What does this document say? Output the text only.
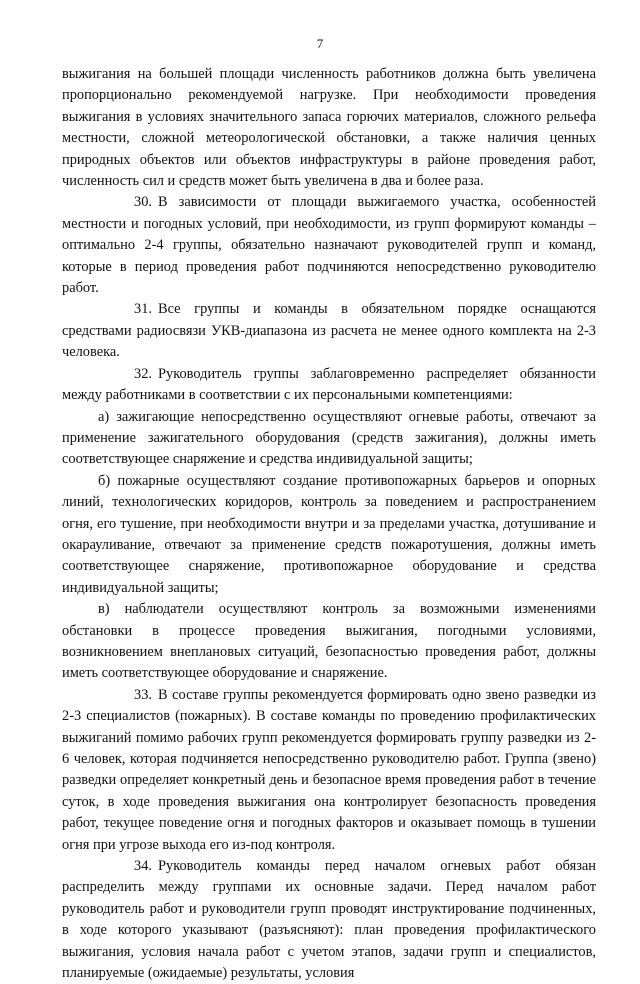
7

выжигания на большей площади численность работников должна быть увеличена пропорционально рекомендуемой нагрузке. При необходимости проведения выжигания в условиях значительного запаса горючих материалов, сложного рельефа местности, сложной метеорологической обстановки, а также наличия ценных природных объектов или объектов инфраструктуры в районе проведения работ, численность сил и средств может быть увеличена в два и более раза.

30. В зависимости от площади выжигаемого участка, особенностей местности и погодных условий, при необходимости, из групп формируют команды – оптимально 2-4 группы, обязательно назначают руководителей групп и команд, которые в период проведения работ подчиняются непосредственно руководителю работ.

31. Все группы и команды в обязательном порядке оснащаются средствами радиосвязи УКВ-диапазона из расчета не менее одного комплекта на 2-3 человека.

32. Руководитель группы заблаговременно распределяет обязанности между работниками в соответствии с их персональными компетенциями:

а) зажигающие непосредственно осуществляют огневые работы, отвечают за применение зажигательного оборудования (средств зажигания), должны иметь соответствующее снаряжение и средства индивидуальной защиты;

б) пожарные осуществляют создание противопожарных барьеров и опорных линий, технологических коридоров, контроль за поведением и распространением огня, его тушение, при необходимости внутри и за пределами участка, дотушивание и окарауливание, отвечают за применение средств пожаротушения, должны иметь соответствующее снаряжение, противопожарное оборудование и средства индивидуальной защиты;

в) наблюдатели осуществляют контроль за возможными изменениями обстановки в процессе проведения выжигания, погодными условиями, возникновением внеплановых ситуаций, безопасностью проведения работ, должны иметь соответствующее оборудование и снаряжение.

33. В составе группы рекомендуется формировать одно звено разведки из 2-3 специалистов (пожарных). В составе команды по проведению профилактических выжиганий помимо рабочих групп рекомендуется формировать группу разведки из 2-6 человек, которая подчиняется непосредственно руководителю работ. Группа (звено) разведки определяет конкретный день и безопасное время проведения работ в течение суток, в ходе проведения выжигания она контролирует безопасность проведения работ, текущее поведение огня и погодных факторов и оказывает помощь в тушении огня при угрозе выхода его из-под контроля.

34. Руководитель команды перед началом огневых работ обязан распределить между группами их основные задачи. Перед началом работ руководитель работ и руководители групп проводят инструктирование подчиненных, в ходе которого указывают (разъясняют): план проведения профилактического выжигания, условия начала работ с учетом этапов, задачи групп и специалистов, планируемые (ожидаемые) результаты, условия
